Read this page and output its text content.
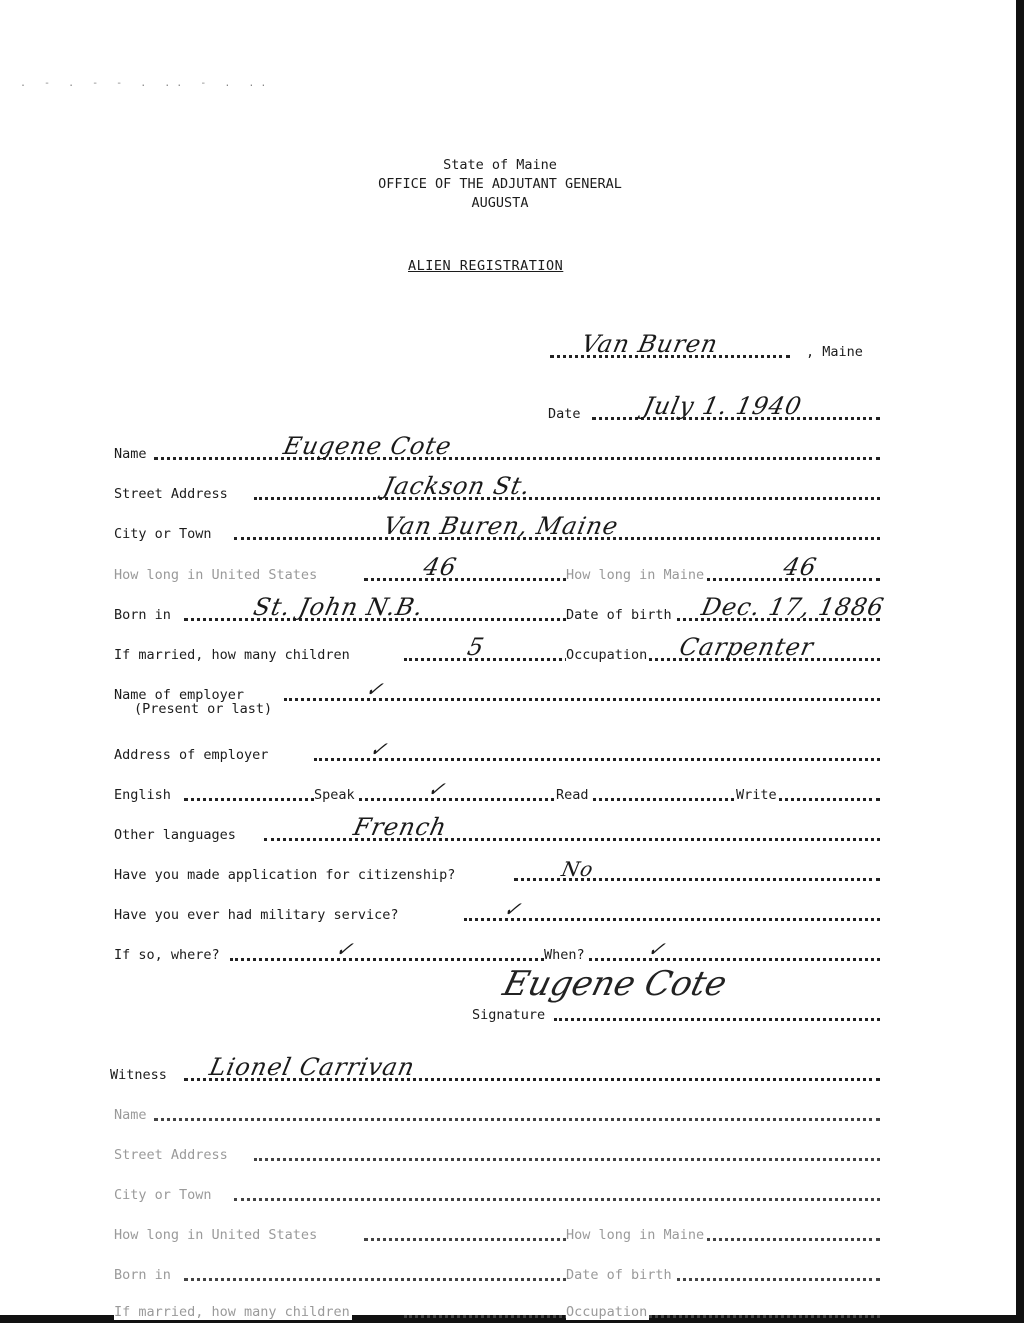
. - . - - . .. - . ..
State of Maine
OFFICE OF THE ADJUTANT GENERAL
AUGUSTA
ALIEN REGISTRATION
Van Buren	, Maine
Date	July 1. 1940
Name	Eugene Cote
Street Address	Jackson St.
City or Town	Van Buren, Maine
How long in United States	46	How long in Maine	46
Born in	St. John N.B.	Date of birth Dec. 17, 1886
If married, how many children	5	Occupation Carpenter
Name of employer	✓
(Present or last)
Address of employer	✓
English	Speak	✓	Read	Write
Other languages	French
Have you made application for citizenship?	No
Have you ever had military service?	✓
If so, where?	✓	When?	✓
Eugene Cote
Signature
Witness Lionel Carrivan
Name
Street Address
City or Town
How long in United States	How long in Maine
Born in	Date of birth
If married, how many children	Occupation
